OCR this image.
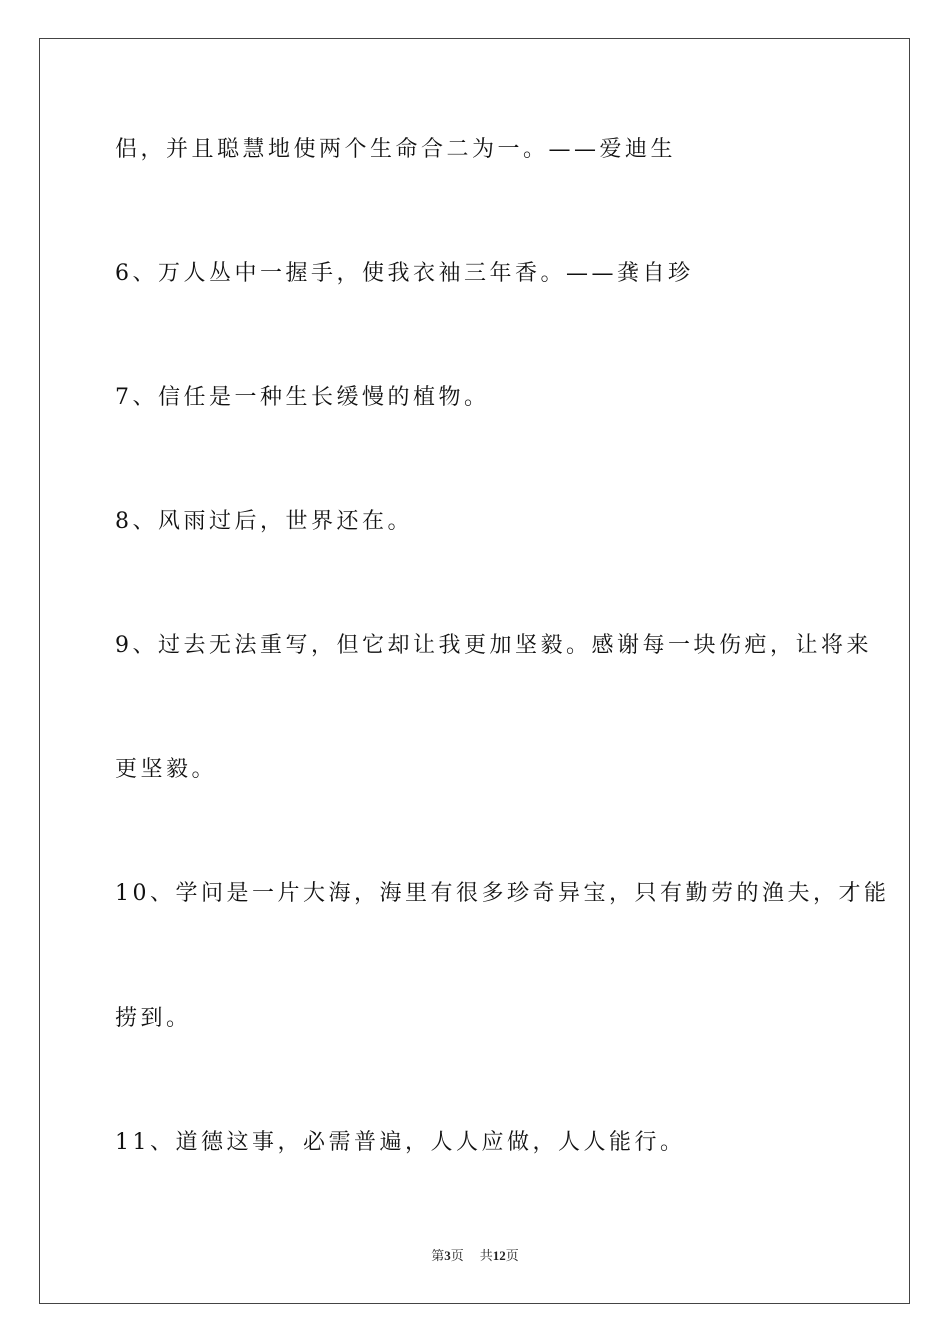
侣，并且聪慧地使两个生命合二为一。——爱迪生
6、万人丛中一握手，使我衣袖三年香。——龚自珍
7、信任是一种生长缓慢的植物。
8、风雨过后，世界还在。
9、过去无法重写，但它却让我更加坚毅。感谢每一块伤疤，让将来
更坚毅。
10、学问是一片大海，海里有很多珍奇异宝，只有勤劳的渔夫，才能
捞到。
11、道德这事，必需普遍，人人应做，人人能行。
第3页 共12页
